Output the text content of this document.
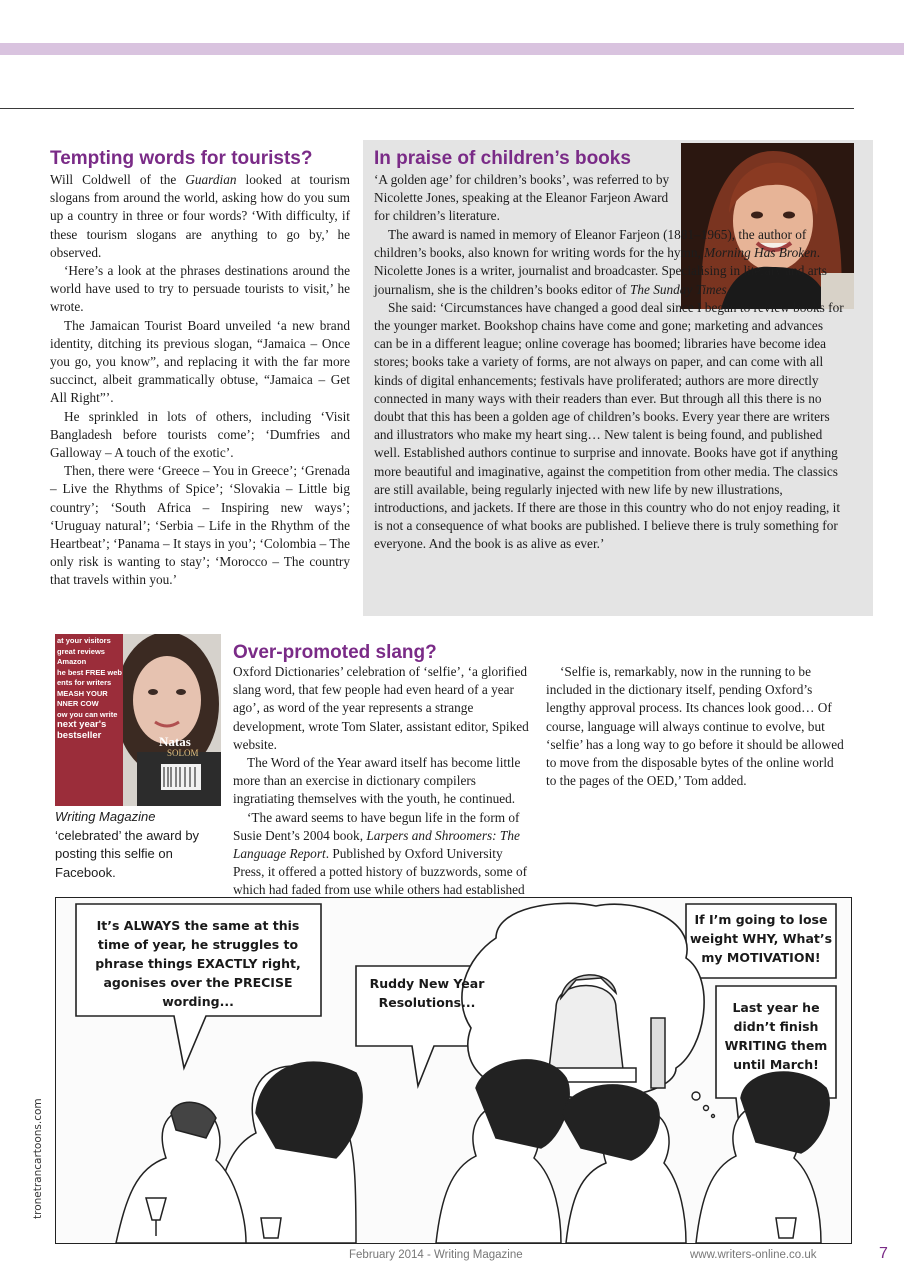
Tempting words for tourists?

Will Coldwell of the Guardian looked at tourism slogans from around the world, asking how do you sum up a country in three or four words? ‘With difficulty, if these tourism slogans are anything to go by,’ he observed.

‘Here’s a look at the phrases destinations around the world have used to try to persuade tourists to visit,’ he wrote.

The Jamaican Tourist Board unveiled ‘a new brand identity, ditching its previous slogan, “Jamaica – Once you go, you know”, and replacing it with the far more succinct, albeit grammatically obtuse, “Jamaica – Get All Right”’.

He sprinkled in lots of others, including ‘Visit Bangladesh before tourists come’; ‘Dumfries and Galloway – A touch of the exotic’.

Then, there were ‘Greece – You in Greece’; ‘Grenada – Live the Rhythms of Spice’; ‘Slovakia – Little big country’; ‘South Africa – Inspiring new ways’; ‘Uruguay natural’; ‘Serbia – Life in the Rhythm of the Heartbeat’; ‘Panama – It stays in you’; ‘Colombia – The only risk is wanting to stay’; ‘Morocco – The country that travels within you.’

In praise of children’s books

‘A golden age’ for children’s books’, was referred to by Nicolette Jones, speaking at the Eleanor Farjeon Award for children’s literature.

The award is named in memory of Eleanor Farjeon (1881–1965), the author of children’s books, also known for writing words for the hymn, Morning Has Broken. Nicolette Jones is a writer, journalist and broadcaster. Specialising in literary and arts journalism, she is the children’s books editor of The Sunday Times.

She said: ‘Circumstances have changed a good deal since I began to review books for the younger market. Bookshop chains have come and gone; marketing and advances can be in a different league; online coverage has boomed; libraries have become idea stores; books take a variety of forms, are not always on paper, and can come with all kinds of digital enhancements; festivals have proliferated; authors are more directly connected in many ways with their readers than ever. But through all this there is no doubt that this has been a golden age of children’s books. Every year there are writers and illustrators who make my heart sing… New talent is being found, and published well. Established authors continue to surprise and innovate. Books have got if anything more beautiful and imaginative, against the competition from other media. The classics are still available, being regularly injected with new life by new illustrations, introductions, and jackets. If there are those in this country who do not enjoy reading, it is not a consequence of what books are published. I believe there is truly something for everyone. And the book is as alive as ever.’

at your visitors
great reviews
Amazon
he best FREE web
ents for writers
MEASH YOUR
NNER COW
ow you can write
next year's
bestseller	Natas
SOLOM
Writing Magazine ‘celebrated’ the award by posting this selfie on Facebook.
Over-promoted slang?

Oxford Dictionaries’ celebration of ‘selfie’, ‘a glorified slang word, that few people had even heard of a year ago’, as word of the year represents a strange development, wrote Tom Slater, assistant editor, Spiked website.

The Word of the Year award itself has become little more than an exercise in dictionary compilers ingratiating themselves with the youth, he continued.

‘The award seems to have begun life in the form of Susie Dent’s 2004 book, Larpers and Shroomers: The Language Report. Published by Oxford University Press, it offered a potted history of buzzwords, some of which had faded from use while others had established

‘Selfie is, remarkably, now in the running to be included in the dictionary itself, pending Oxford’s lengthy approval process. Its chances look good… Of course, language will always continue to evolve, but ‘selfie’ has a long way to go before it should be allowed to move from the disposable bytes of the online world to the pages of the OED,’ Tom added.

It’s ALWAYS the same at this time of year, he struggles to phrase things EXACTLY right, agonises over the PRECISE wording...
Ruddy New Year Resolutions...
If I’m going to lose weight WHY, What’s my MOTIVATION!
Last year he didn’t finish WRITING them until March!
tronetrancartoons.com
February 2014 - Writing Magazine	www.writers-online.co.uk	7
